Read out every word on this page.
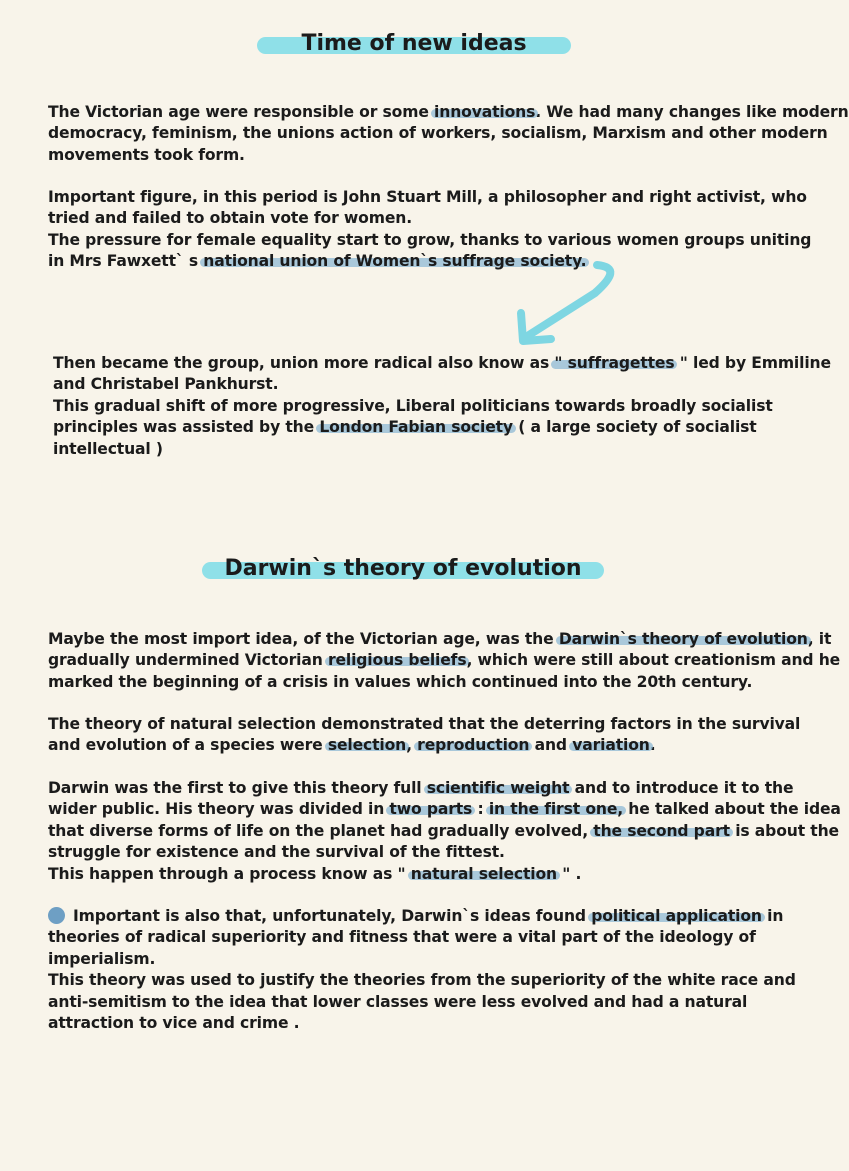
Time of new ideas
The Victorian age were responsible or some innovations. We had many changes like modern
democracy, feminism, the unions action of workers, socialism, Marxism and other modern
movements took form.
Important figure, in this period is John Stuart Mill, a philosopher and right activist, who
tried and failed to obtain vote for women.
The pressure for female equality start to grow, thanks to various women groups uniting
in Mrs Fawxett` s national union of Women`s suffrage society.
Then became the group, union more radical also know as " suffragettes " led by Emmiline
and Christabel Pankhurst.
This gradual shift of more progressive, Liberal politicians towards broadly socialist
principles was assisted by the London Fabian society ( a large society of socialist
intellectual )
Darwin`s theory of evolution
Maybe the most import idea, of the Victorian age, was the Darwin`s theory of evolution, it
gradually undermined Victorian religious beliefs, which were still about creationism and he
marked the beginning of a crisis in values which continued into the 20th century.
The theory of natural selection demonstrated that the deterring factors in the survival
and evolution of a species were selection, reproduction and variation.
Darwin was the first to give this theory full scientific weight and to introduce it to the
wider public. His theory was divided in two parts : in the first one, he talked about the idea
that diverse forms of life on the planet had gradually evolved, the second part is about the
struggle for existence and the survival of the fittest.
This happen through a process know as " natural selection " .
Important is also that, unfortunately, Darwin`s ideas found political application in
theories of radical superiority and fitness that were a vital part of the ideology of
imperialism.
This theory was used to justify the theories from the superiority of the white race and
anti-semitism to the idea that lower classes were less evolved and had a natural
attraction to vice and crime .
